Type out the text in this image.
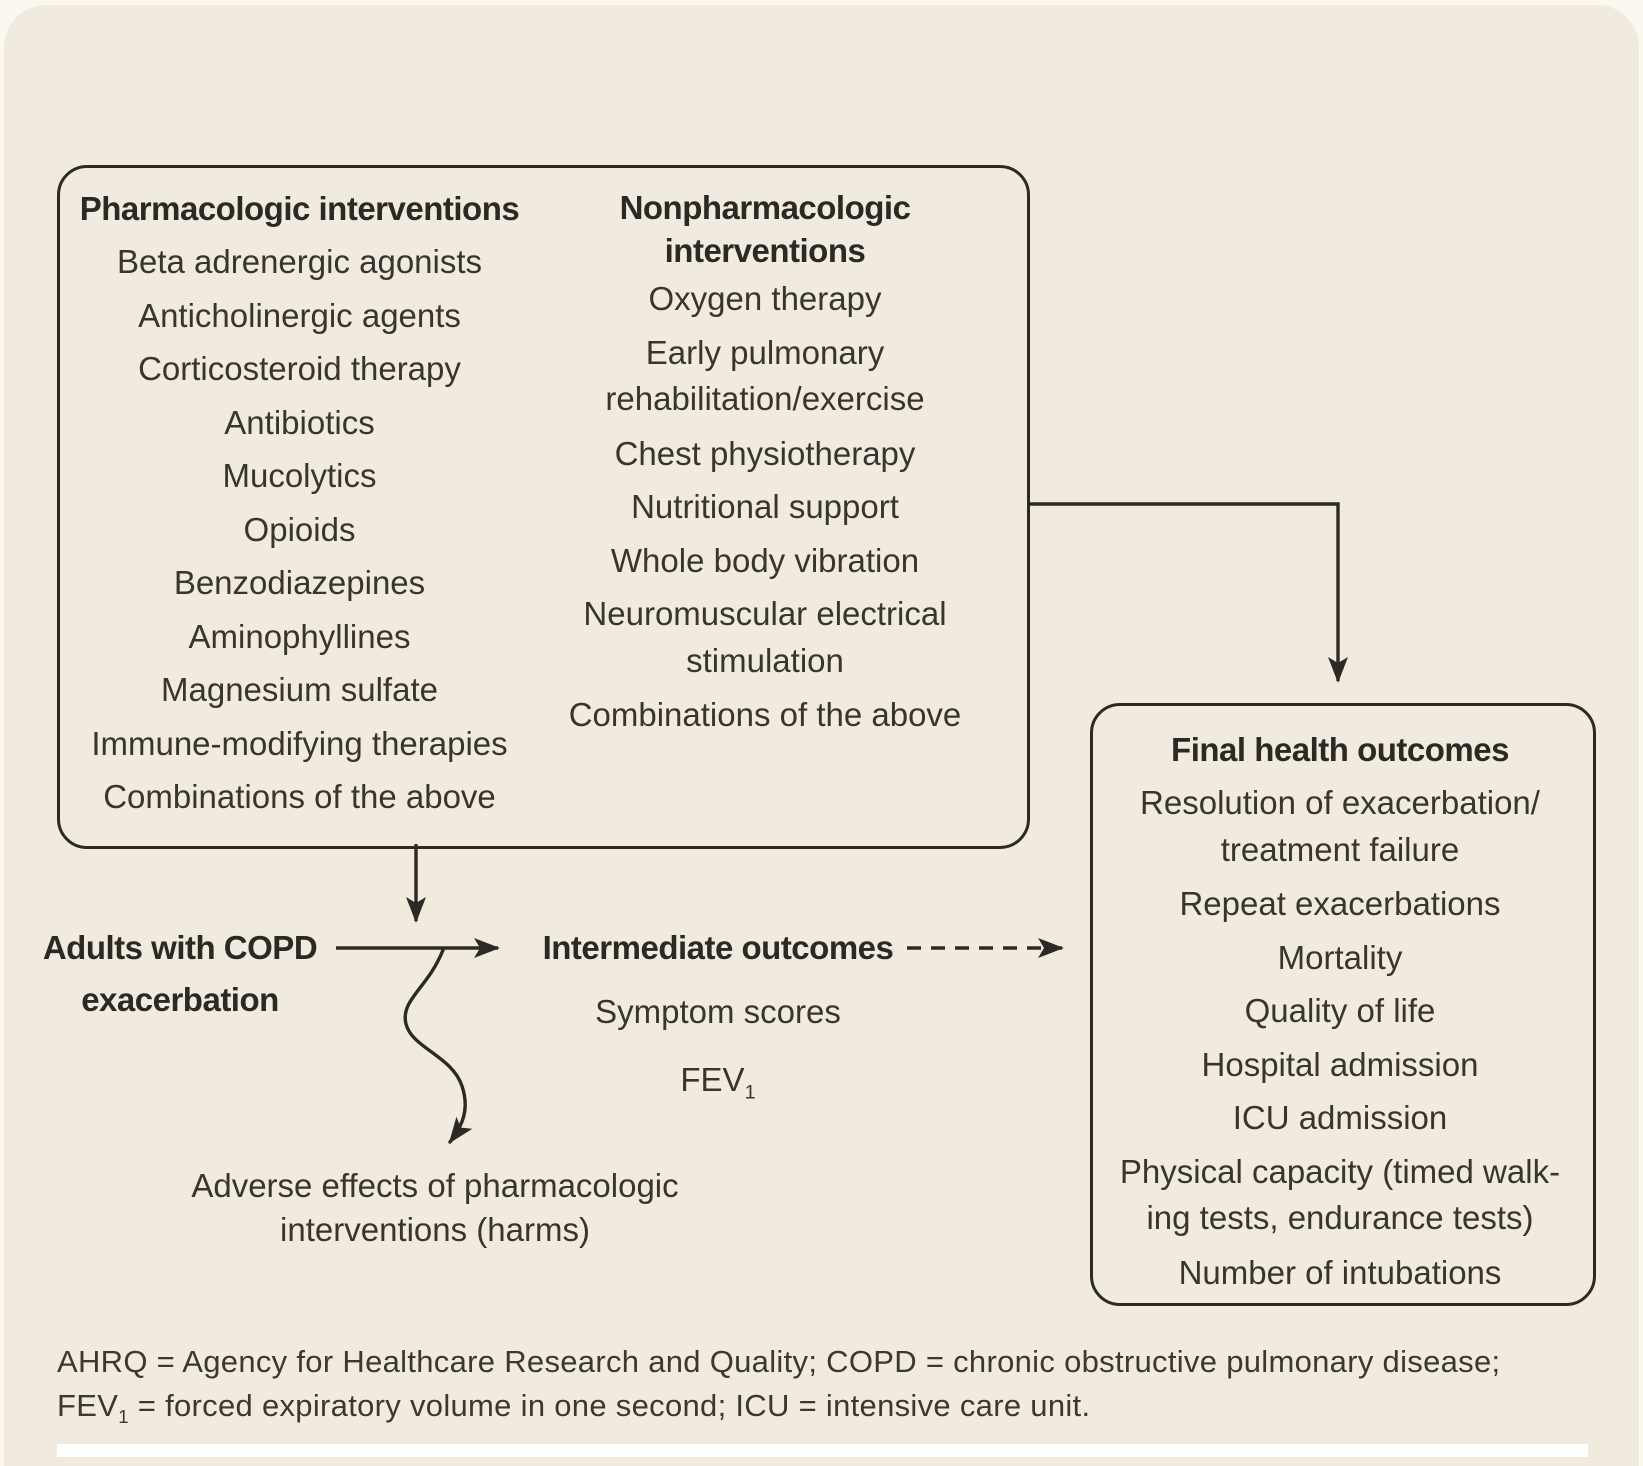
Pharmacologic interventions
Beta adrenergic agonists
Anticholinergic agents
Corticosteroid therapy
Antibiotics
Mucolytics
Opioids
Benzodiazepines
Aminophyllines
Magnesium sulfate
Immune-modifying therapies
Combinations of the above
Nonpharmacologic
interventions
Oxygen therapy
Early pulmonary
rehabilitation/exercise
Chest physiotherapy
Nutritional support
Whole body vibration
Neuromuscular electrical
stimulation
Combinations of the above
Adults with COPD
exacerbation
Intermediate outcomes
Symptom scores
$FEV_1$
Final health outcomes
Resolution of exacerbation/
treatment failure
Repeat exacerbations
Mortality
Quality of life
Hospital admission
ICU admission
Physical capacity (timed walk-
ing tests, endurance tests)
Number of intubations
Adverse effects of pharmacologic
interventions (harms)
AHRQ = Agency for Healthcare Research and Quality; COPD = chronic obstructive pulmonary disease;
$FEV_1$ = forced expiratory volume in one second; ICU = intensive care unit.
